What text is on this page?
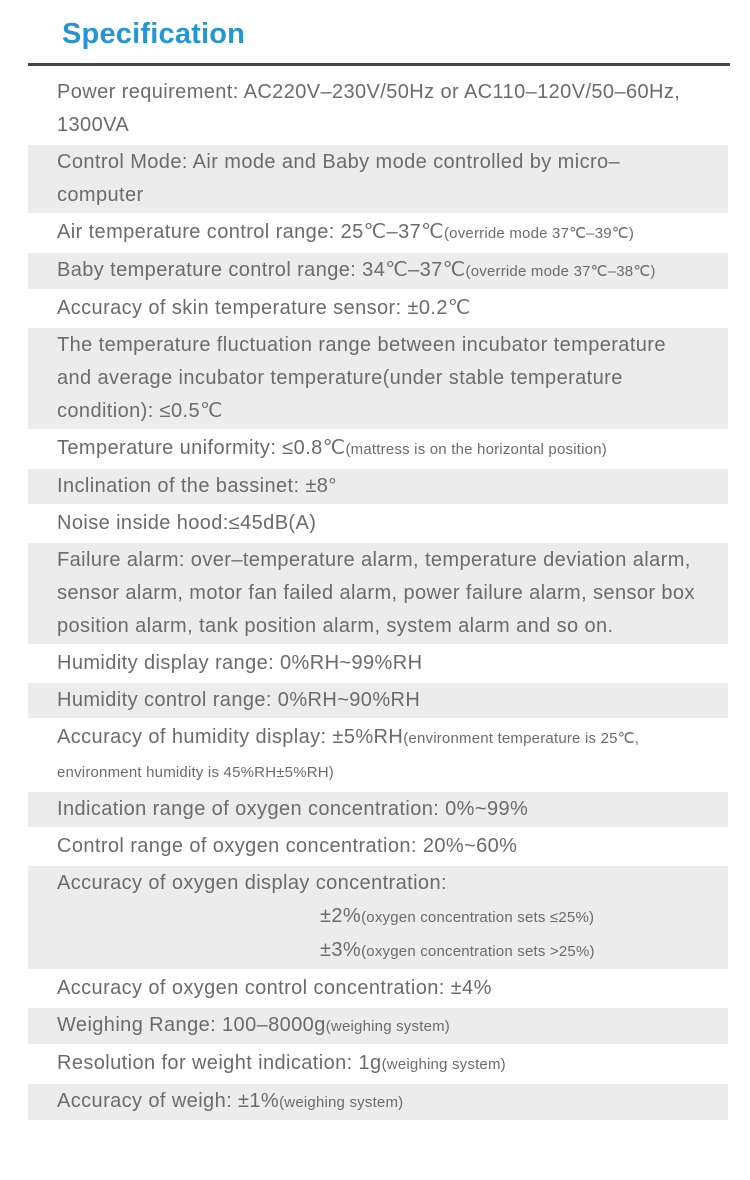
Specification
Power requirement: AC220V–230V/50Hz or AC110–120V/50–60Hz, 1300VA
Control Mode: Air mode and Baby mode controlled by micro–computer
Air temperature control range: 25℃–37℃(override mode 37℃–39℃)
Baby temperature control range: 34℃–37℃(override mode 37℃–38℃)
Accuracy of skin temperature sensor: ±0.2℃
The temperature fluctuation range between incubator temperature and average incubator temperature(under stable temperature condition): ≤0.5℃
Temperature uniformity: ≤0.8℃(mattress is on the horizontal position)
Inclination of the bassinet: ±8°
Noise inside hood:≤45dB(A)
Failure alarm: over–temperature alarm, temperature deviation alarm, sensor alarm, motor fan failed alarm, power failure alarm, sensor box position alarm, tank position alarm, system alarm and so on.
Humidity display range: 0%RH~99%RH
Humidity control range: 0%RH~90%RH
Accuracy of humidity display: ±5%RH(environment temperature is 25℃, environment humidity is 45%RH±5%RH)
Indication range of oxygen concentration: 0%~99%
Control range of oxygen concentration: 20%~60%
Accuracy of oxygen display concentration:
±2%(oxygen concentration sets ≤25%)
±3%(oxygen concentration sets >25%)
Accuracy of oxygen control concentration: ±4%
Weighing Range: 100–8000g(weighing system)
Resolution for weight indication: 1g(weighing system)
Accuracy of weigh: ±1%(weighing system)
